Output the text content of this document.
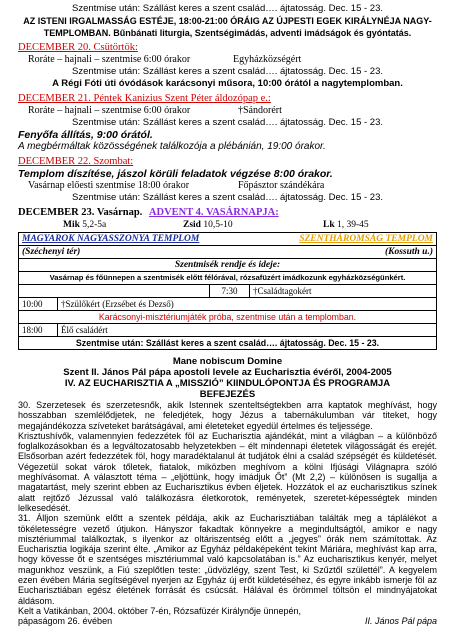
Szentmise után: Szállást keres a szent család…. ájtatosság. Dec. 15 - 23.
AZ ISTENI IRGALMASSÁG ESTÉJE, 18:00-21:00 ÓRÁIG AZ ÚJPESTI EGEK KIRÁLYNÉJA NAGY-
TEMPLOMBAN. Bűnbánati liturgia, Szentségimádás, adventi imádságok és gyóntatás.
DECEMBER 20. Csütörtök:
Roráte – hajnali – szentmise 6:00 órakor	Egyházközségért
Szentmise után: Szállást keres a szent család…. ájtatosság. Dec. 15 - 23.
A Régi Fóti úti óvódások karácsonyi műsora, 10:00 órától a nagytemplomban.
DECEMBER 21. Péntek Kanizius Szent Péter áldozópap e.:
Roráte – hajnali – szentmise 6:00 órakor	†Sándorért
Szentmise után: Szállást keres a szent család…. ájtatosság. Dec. 15 - 23.
Fenyőfa állítás, 9:00 órától.
A megbérmáltak közösségének találkozója a plébánián, 19:00 órakor.
DECEMBER 22. Szombat:
Templom díszítése, jászol körüli feladatok végzése 8:00 órakor.
Vasárnap előesti szentmise 18:00 órakor	Főpásztor szándékára
Szentmise után: Szállást keres a szent család…. ájtatosság. Dec. 15 - 23.
DECEMBER 23. Vasárnap. ADVENT 4. VASÁRNAPJA:
Mik 5,2-5a	Zsid 10,5-10	Lk 1, 39-45
MAGYAROK NAGYASSZONYA TEMPLOM	SZENTHÁROMSÁG TEMPLOM
(Széchenyi tér)	(Kossuth u.)
Szentmisék rendje és ideje:
Vasárnap és főünnepen a szentmisék előtt félórával, rózsafüzért imádkozunk egyházközségünkért.
7:30	†Családtagokért
10:00	†Szülőkért (Erzsébet és Dezső)
Karácsonyi-misztériumjáték próba, szentmise után a templomban.
18:00	Élő családért
Szentmise után: Szállást keres a szent család…. ájtatosság. Dec. 15 - 23.
Mane nobiscum Domine
Szent II. János Pál pápa apostoli levele az Eucharisztia évéről, 2004-2005
IV. AZ EUCHARISZTIA A „MISSZIÓ” KIINDULÓPONTJA ÉS PROGRAMJA
BEFEJEZÉS

30. Szerzetesek és szerzetesnők, akik Istennek szenteltségtekben arra kaptatok meghívást, hogy hosszabban szemlélődjetek, ne feledjétek, hogy Jézus a tabernákulumban vár titeket, hogy megajándékozza szíveteket barátságával, ami életeteket egyedül értelmes és teljessége.

Krisztushívők, valamennyien fedezzétek föl az Eucharisztia ajándékát, mint a világban – a különböző foglalkozásokban és a legváltozatosabb helyzetekben – élt mindennapi életetek világosságát és erejét. Elsősorban azért fedezzétek föl, hogy maradéktalanul át tudjátok élni a család szépségét és küldetését. Végezetül sokat várok tőletek, fiatalok, miközben meghívom a kölni Ifjúsági Világnapra szóló meghívásomat. A választott téma – „eljöttünk, hogy imádjuk Őt” (Mt 2,2) – különösen is sugallja a magatartást, mely szerint ebben az Eucharisztikus évben éljetek. Hozzátok el az eucharisztikus színek alatt rejtőző Jézussal való találkozásra életkorotok, reményetek, szeretet-képességtek minden lelkesedését.

31. Álljon szemünk előtt a szentek példája, akik az Eucharisztiában találták meg a táplálékot a tökéletességre vezető útjukon. Hányszor fakadtak könnyekre a megindultságtól, amikor e nagy misztériummal találkoztak, s ilyenkor az oltáriszentség előtt a „jegyes” órák nem számítottak. Az Eucharisztia logikája szerint élte. „Amikor az Egyház példaképeként tekint Máriára, meghívást kap arra, hogy kövesse őt e szentséges misztériummal való kapcsolatában is.” Az eucharisztikus kenyér, melyet magunkhoz veszünk, a Fiú szeplőtlen teste: „üdvözlégy, szent Test, ki Szűztől születtél”. A kegyelem ezen évében Mária segítségével nyerjen az Egyház új erőt küldetéséhez, és egyre inkább ismerje föl az Eucharisztiában egész életének forrását és csúcsát. Hálával és örömmel töltsön el mindnyájatokat áldásom.

Kelt a Vatikánban, 2004. október 7-én, Rózsafüzér Királynője ünnepén,
pápaságom 26. évében	II. János Pál pápa
